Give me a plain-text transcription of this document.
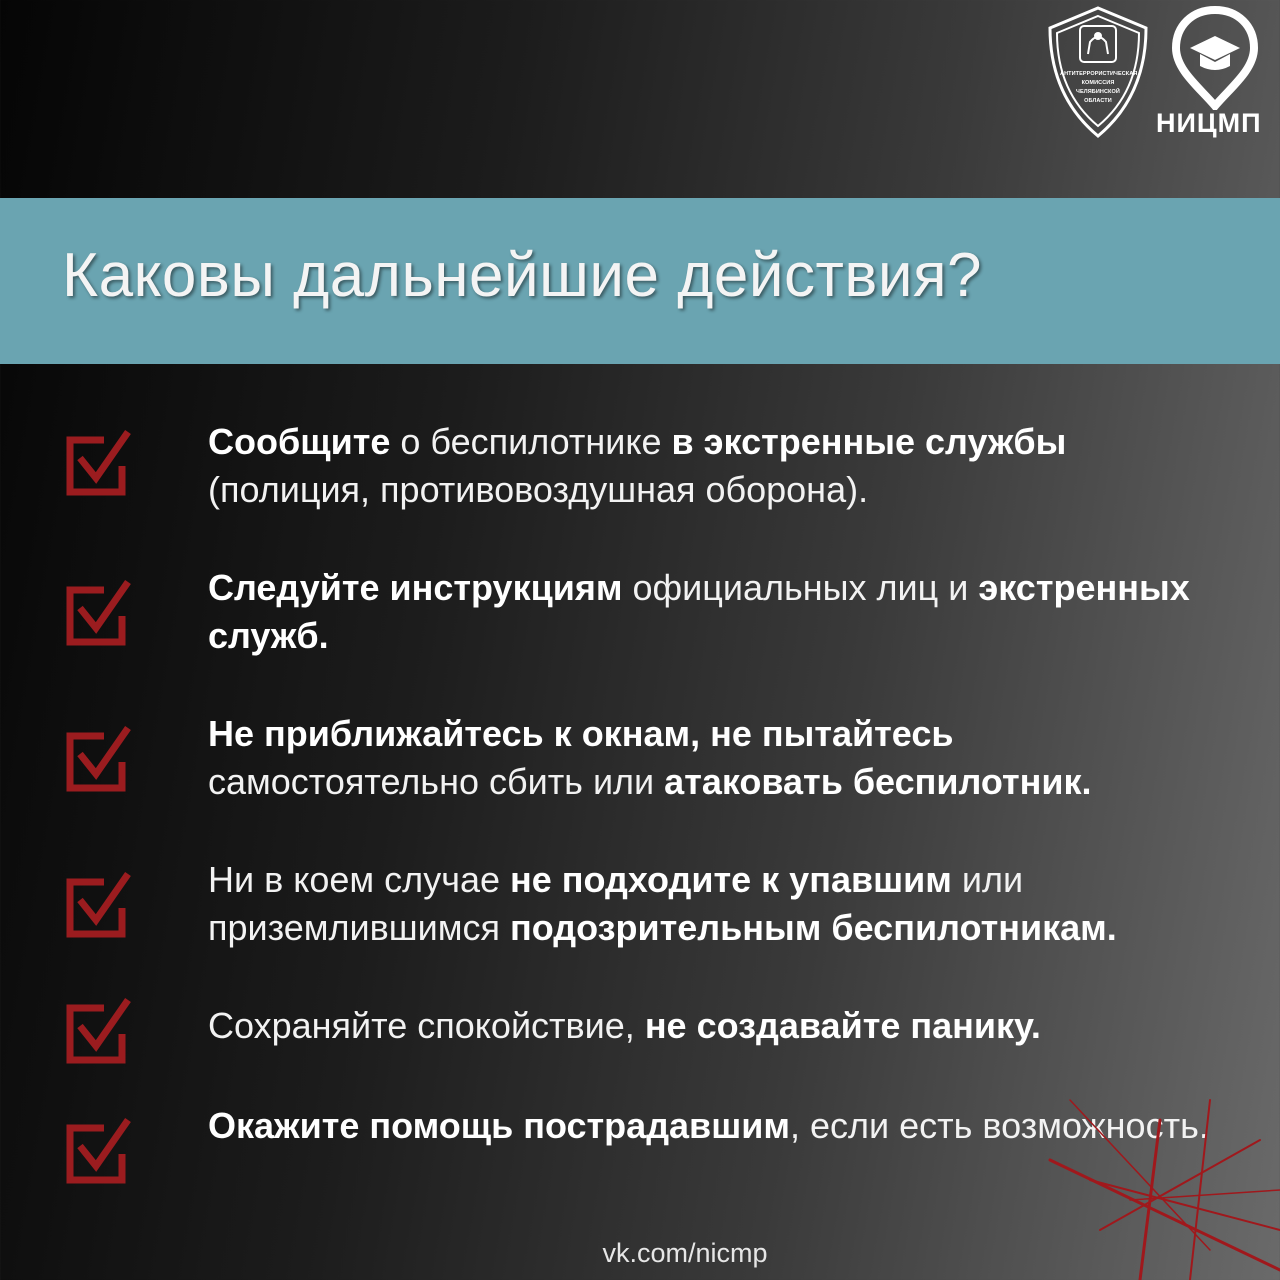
АНТИТЕРРОРИСТИЧЕСКАЯ
КОМИССИЯ
ЧЕЛЯБИНСКОЙ
ОБЛАСТИ
НИЦМП
Каковы дальнейшие действия?
Сообщите о беспилотнике в экстренные службы (полиция, противовоздушная оборона).
Следуйте инструкциям официальных лиц и экстренных служб.
Не приближайтесь к окнам, не пытайтесь самостоятельно сбить или атаковать беспилотник.
Ни в коем случае не подходите к упавшим или приземлившимся подозрительным беспилотникам.
Сохраняйте спокойствие, не создавайте панику.
Окажите помощь пострадавшим, если есть возможность.
vk.com/nicmp
